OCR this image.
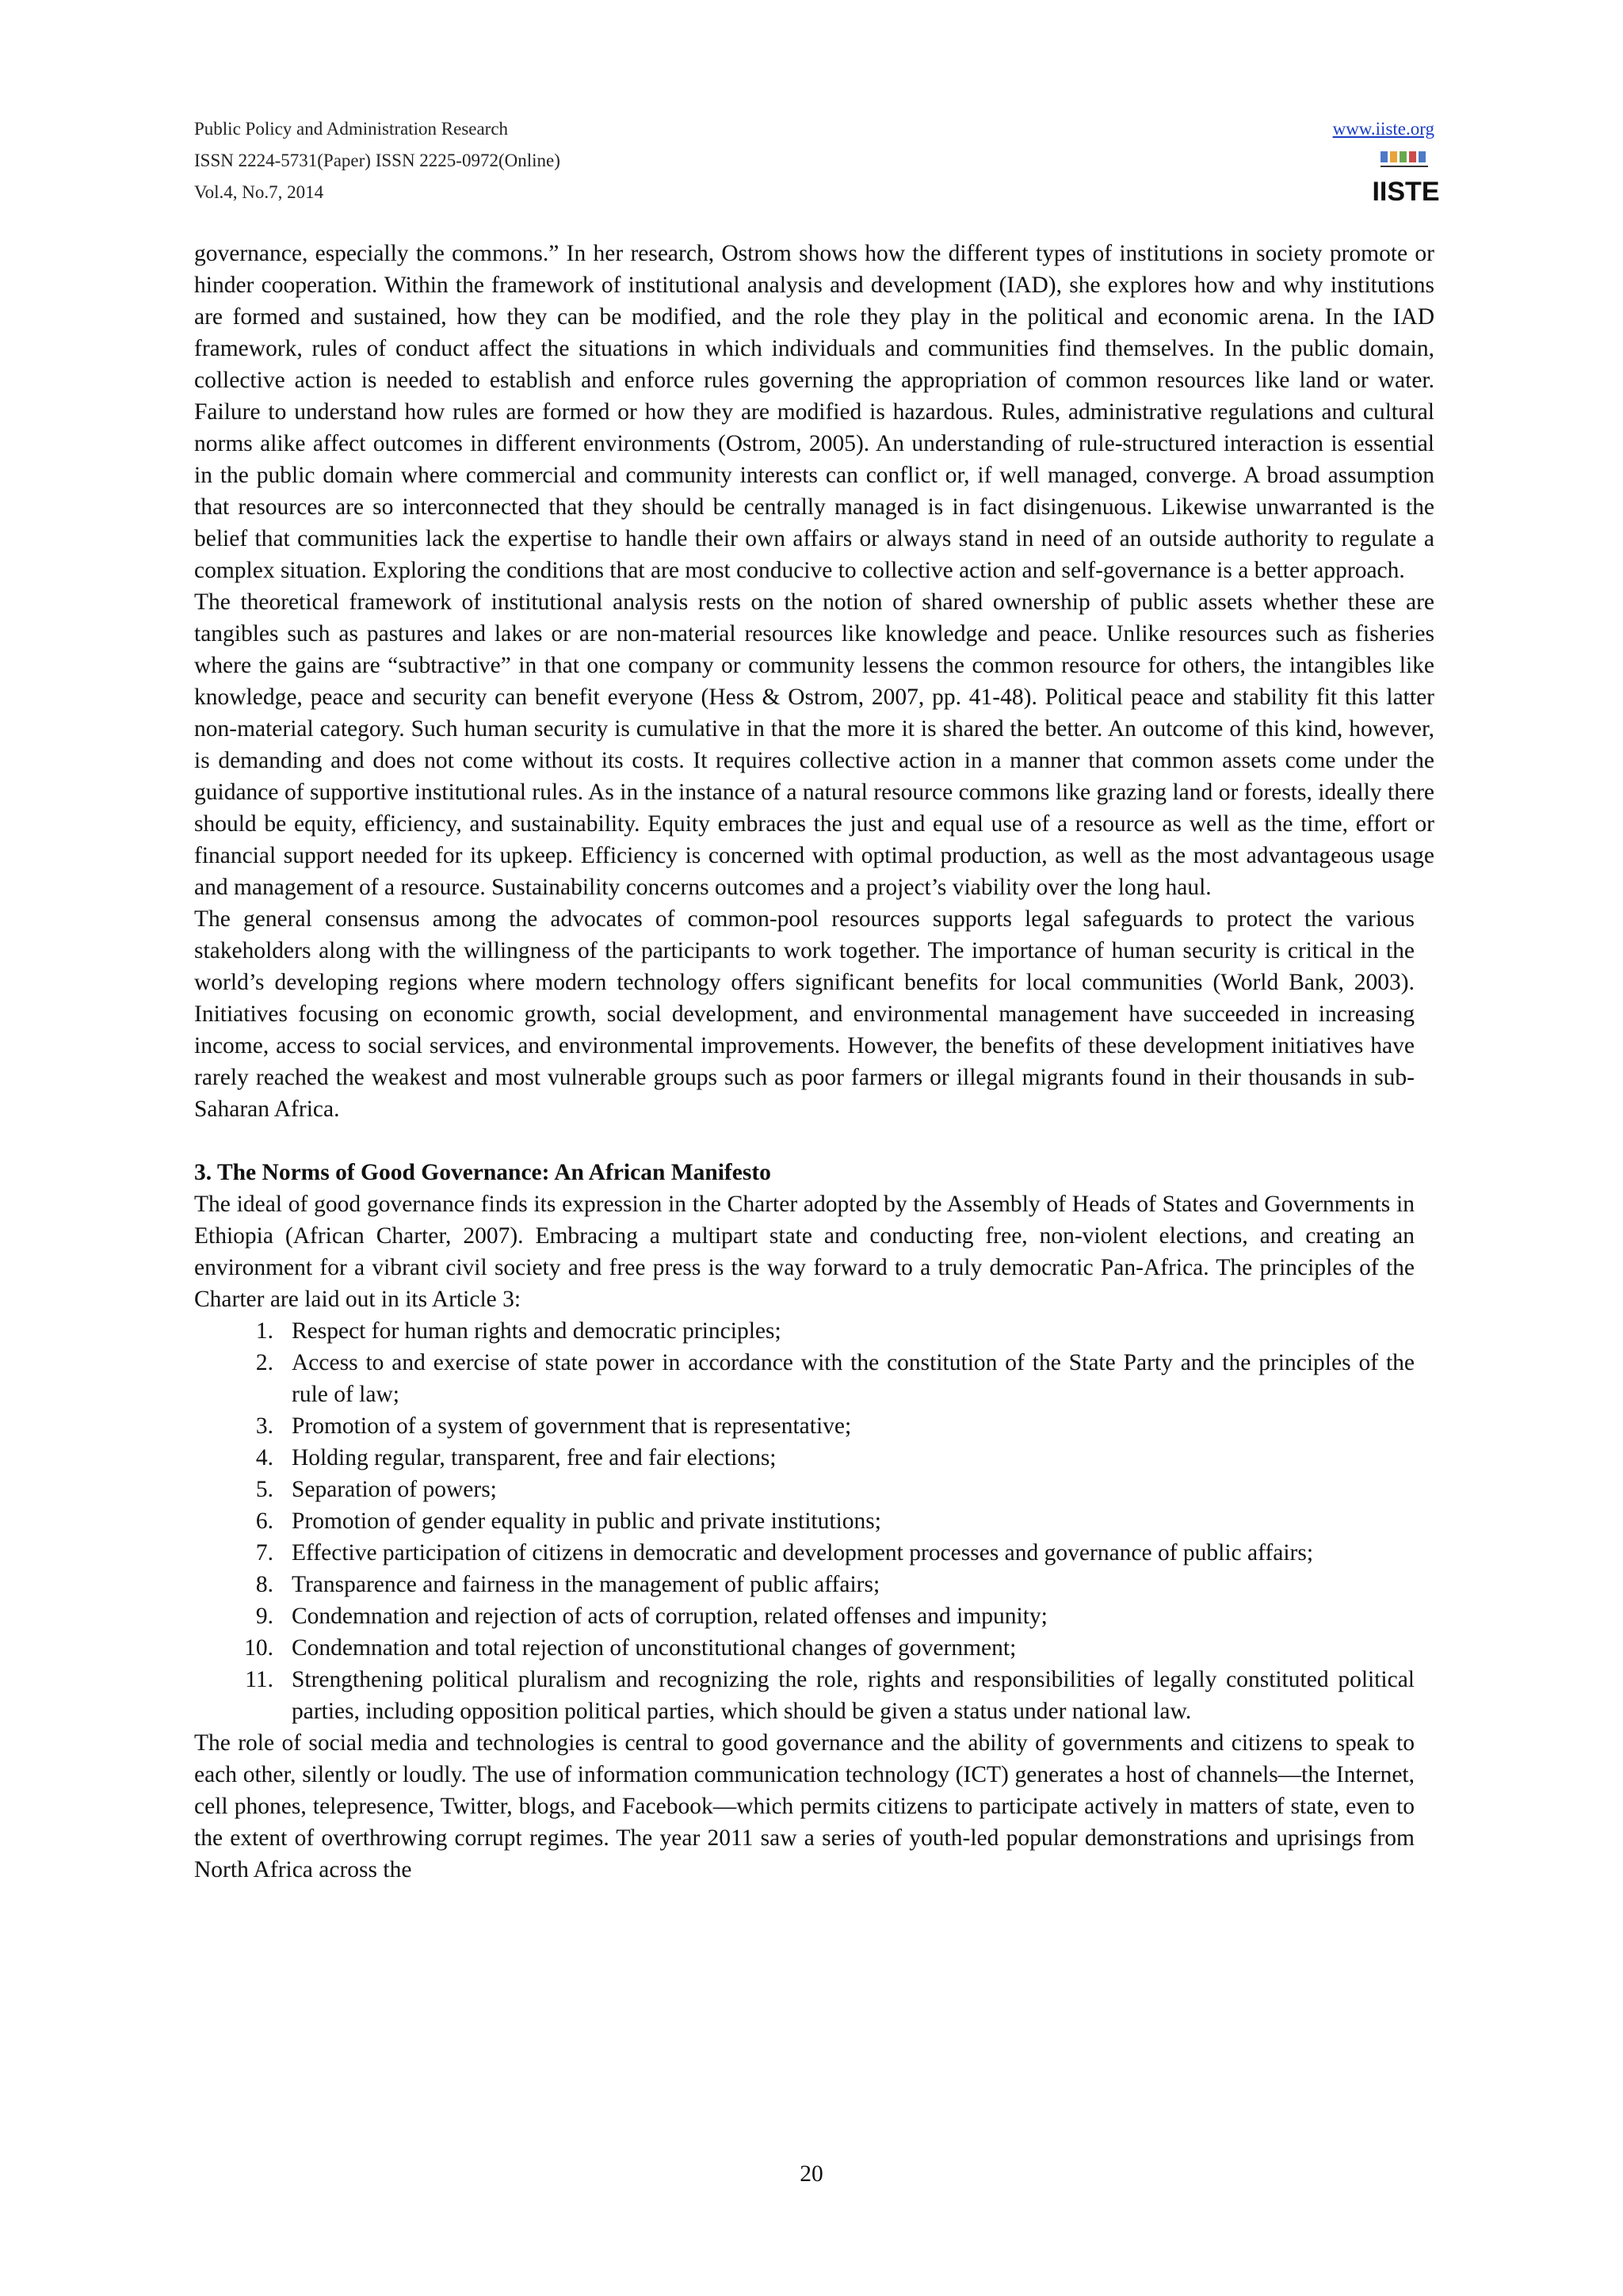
Public Policy and Administration Research
ISSN 2224-5731(Paper) ISSN 2225-0972(Online)
Vol.4, No.7, 2014
www.iiste.org
IISTE

governance, especially the commons.” In her research, Ostrom shows how the different types of institutions in society promote or hinder cooperation. Within the framework of institutional analysis and development (IAD), she explores how and why institutions are formed and sustained, how they can be modified, and the role they play in the political and economic arena. In the IAD framework, rules of conduct affect the situations in which individuals and communities find themselves. In the public domain, collective action is needed to establish and enforce rules governing the appropriation of common resources like land or water. Failure to understand how rules are formed or how they are modified is hazardous. Rules, administrative regulations and cultural norms alike affect outcomes in different environments (Ostrom, 2005). An understanding of rule-structured interaction is essential in the public domain where commercial and community interests can conflict or, if well managed, converge. A broad assumption that resources are so interconnected that they should be centrally managed is in fact disingenuous. Likewise unwarranted is the belief that communities lack the expertise to handle their own affairs or always stand in need of an outside authority to regulate a complex situation. Exploring the conditions that are most conducive to collective action and self-governance is a better approach.

The theoretical framework of institutional analysis rests on the notion of shared ownership of public assets whether these are tangibles such as pastures and lakes or are non-material resources like knowledge and peace. Unlike resources such as fisheries where the gains are “subtractive” in that one company or community lessens the common resource for others, the intangibles like knowledge, peace and security can benefit everyone (Hess & Ostrom, 2007, pp. 41-48). Political peace and stability fit this latter non-material category. Such human security is cumulative in that the more it is shared the better. An outcome of this kind, however, is demanding and does not come without its costs. It requires collective action in a manner that common assets come under the guidance of supportive institutional rules. As in the instance of a natural resource commons like grazing land or forests, ideally there should be equity, efficiency, and sustainability. Equity embraces the just and equal use of a resource as well as the time, effort or financial support needed for its upkeep. Efficiency is concerned with optimal production, as well as the most advantageous usage and management of a resource. Sustainability concerns outcomes and a project’s viability over the long haul.

The general consensus among the advocates of common-pool resources supports legal safeguards to protect the various stakeholders along with the willingness of the participants to work together. The importance of human security is critical in the world’s developing regions where modern technology offers significant benefits for local communities (World Bank, 2003). Initiatives focusing on economic growth, social development, and environmental management have succeeded in increasing income, access to social services, and environmental improvements. However, the benefits of these development initiatives have rarely reached the weakest and most vulnerable groups such as poor farmers or illegal migrants found in their thousands in sub-Saharan Africa.

3. The Norms of Good Governance: An African Manifesto

The ideal of good governance finds its expression in the Charter adopted by the Assembly of Heads of States and Governments in Ethiopia (African Charter, 2007). Embracing a multipart state and conducting free, non-violent elections, and creating an environment for a vibrant civil society and free press is the way forward to a truly democratic Pan-Africa. The principles of the Charter are laid out in its Article 3:

1. Respect for human rights and democratic principles;
2. Access to and exercise of state power in accordance with the constitution of the State Party and the principles of the rule of law;
3. Promotion of a system of government that is representative;
4. Holding regular, transparent, free and fair elections;
5. Separation of powers;
6. Promotion of gender equality in public and private institutions;
7. Effective participation of citizens in democratic and development processes and governance of public affairs;
8. Transparence and fairness in the management of public affairs;
9. Condemnation and rejection of acts of corruption, related offenses and impunity;
10. Condemnation and total rejection of unconstitutional changes of government;
11. Strengthening political pluralism and recognizing the role, rights and responsibilities of legally constituted political parties, including opposition political parties, which should be given a status under national law.

The role of social media and technologies is central to good governance and the ability of governments and citizens to speak to each other, silently or loudly. The use of information communication technology (ICT) generates a host of channels—the Internet, cell phones, telepresence, Twitter, blogs, and Facebook—which permits citizens to participate actively in matters of state, even to the extent of overthrowing corrupt regimes. The year 2011 saw a series of youth-led popular demonstrations and uprisings from North Africa across the

20
